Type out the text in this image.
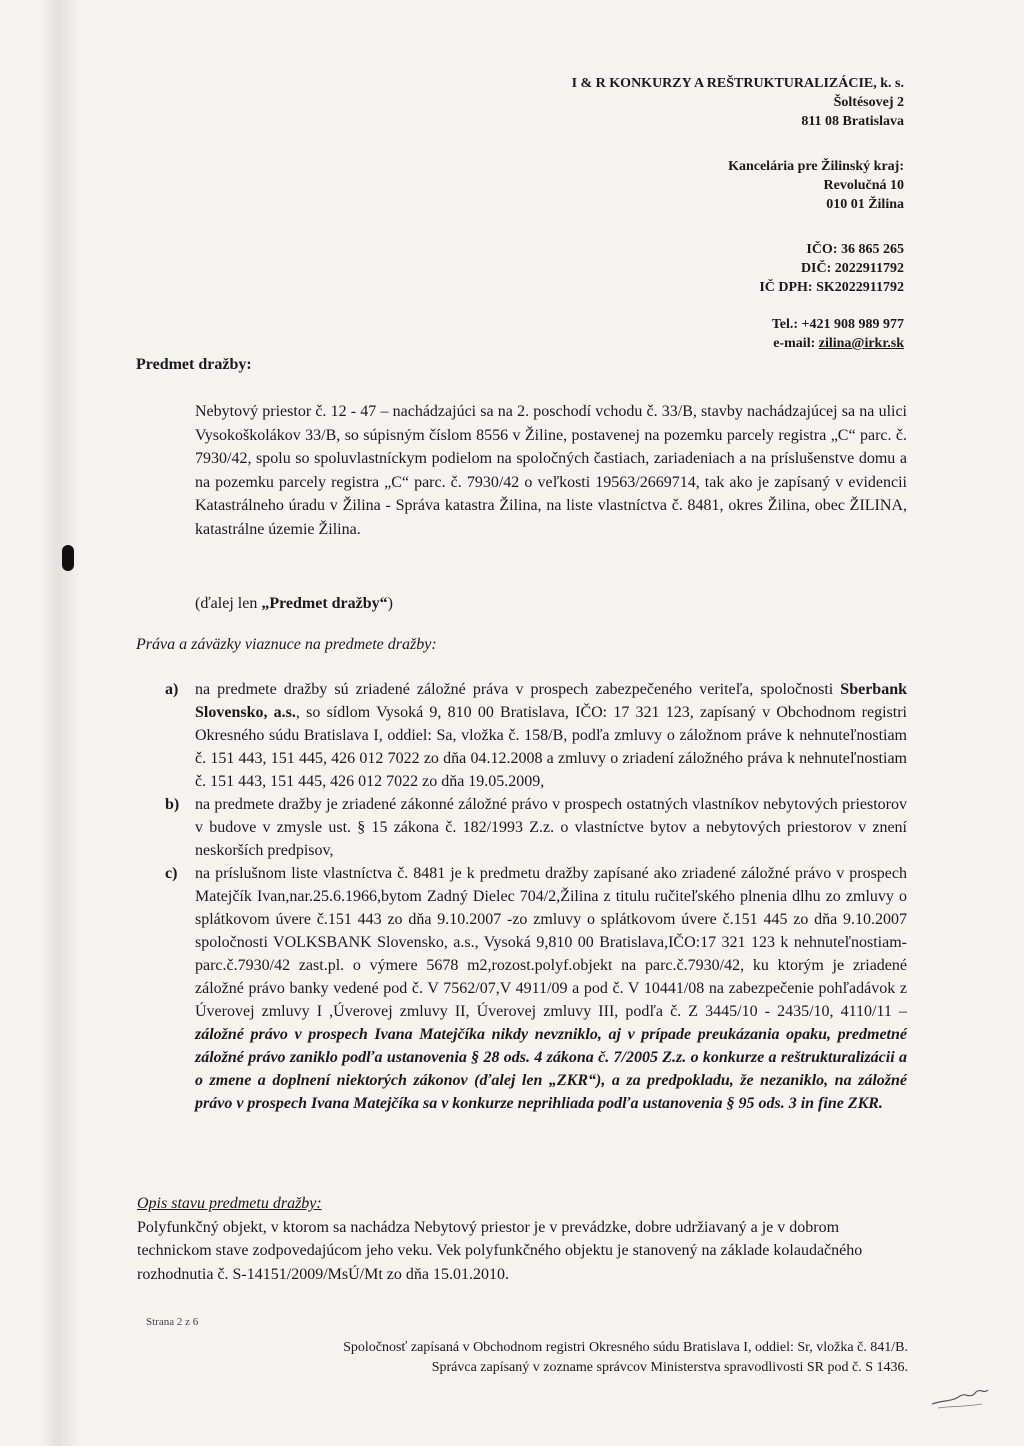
I & R KONKURZY A REŠTRUKTURALIZÁCIE, k. s.
Šoltésovej 2
811 08 Bratislava
Kancelária pre Žilinský kraj:
Revolučná 10
010 01 Žilina
IČO: 36 865 265
DIČ: 2022911792
IČ DPH: SK2022911792
Tel.: +421 908 989 977
e-mail: zilina@irkr.sk
Predmet dražby:
Nebytový priestor č. 12 - 47 – nachádzajúci sa na 2. poschodí vchodu č. 33/B, stavby nachádzajúcej sa na ulici Vysokoškolákov 33/B, so súpisným číslom 8556 v Žiline, postavenej na pozemku parcely registra „C“ parc. č. 7930/42, spolu so spoluvlastníckym podielom na spoločných častiach, zariadeniach a na príslušenstve domu a na pozemku parcely registra „C“ parc. č. 7930/42 o veľkosti 19563/2669714, tak ako je zapísaný v evidencii Katastrálneho úradu v Žilina - Správa katastra Žilina, na liste vlastníctva č. 8481, okres Žilina, obec ŽILINA, katastrálne územie Žilina.
(ďalej len „Predmet dražby“)
Práva a záväzky viaznuce na predmete dražby:
a) na predmete dražby sú zriadené záložné práva v prospech zabezpečeného veriteľa, spoločnosti Sberbank Slovensko, a.s., so sídlom Vysoká 9, 810 00 Bratislava, IČO: 17 321 123, zapísaný v Obchodnom registri Okresného súdu Bratislava I, oddiel: Sa, vložka č. 158/B, podľa zmluvy o záložnom práve k nehnuteľnostiam č. 151 443, 151 445, 426 012 7022 zo dňa 04.12.2008 a zmluvy o zriadení záložného práva k nehnuteľnostiam č. 151 443, 151 445, 426 012 7022 zo dňa 19.05.2009,
b) na predmete dražby je zriadené zákonné záložné právo v prospech ostatných vlastníkov nebytových priestorov v budove v zmysle ust. § 15 zákona č. 182/1993 Z.z. o vlastníctve bytov a nebytových priestorov v znení neskorších predpisov,
c) na príslušnom liste vlastníctva č. 8481 je k predmetu dražby zapísané ako zriadené záložné právo v prospech Matejčík Ivan,nar.25.6.1966,bytom Zadný Dielec 704/2,Žilina z titulu ručiteľského plnenia dlhu zo zmluvy o splátkovom úvere č.151 443 zo dňa 9.10.2007 -zo zmluvy o splátkovom úvere č.151 445 zo dňa 9.10.2007 spoločnosti VOLKSBANK Slovensko, a.s., Vysoká 9,810 00 Bratislava,IČO:17 321 123 k nehnuteľnostiam-parc.č.7930/42 zast.pl. o výmere 5678 m2,rozost.polyf.objekt na parc.č.7930/42, ku ktorým je zriadené záložné právo banky vedené pod č. V 7562/07,V 4911/09 a pod č. V 10441/08 na zabezpečenie pohľadávok z Úverovej zmluvy I ,Úverovej zmluvy II, Úverovej zmluvy III, podľa č. Z 3445/10 - 2435/10, 4110/11 – záložné právo v prospech Ivana Matejčíka nikdy nevzniklo, aj v prípade preukázania opaku, predmetné záložné právo zaniklo podľa ustanovenia § 28 ods. 4 zákona č. 7/2005 Z.z. o konkurze a reštrukturalizácii a o zmene a doplnení niektorých zákonov (ďalej len „ZKR“), a za predpokladu, že nezaniklo, na záložné právo v prospech Ivana Matejčíka sa v konkurze neprihliada podľa ustanovenia § 95 ods. 3 in fine ZKR.
Opis stavu predmetu dražby:
Polyfunkčný objekt, v ktorom sa nachádza Nebytový priestor je v prevádzke, dobre udržiavaný a je v dobrom technickom stave zodpovedajúcom jeho veku. Vek polyfunkčného objektu je stanovený na základe kolaudačného rozhodnutia č. S-14151/2009/MsÚ/Mt zo dňa 15.01.2010.
Strana 2 z 6
Spoločnosť zapísaná v Obchodnom registri Okresného súdu Bratislava I, oddiel: Sr, vložka č. 841/B.
Správca zapísaný v zozname správcov Ministerstva spravodlivosti SR pod č. S 1436.
